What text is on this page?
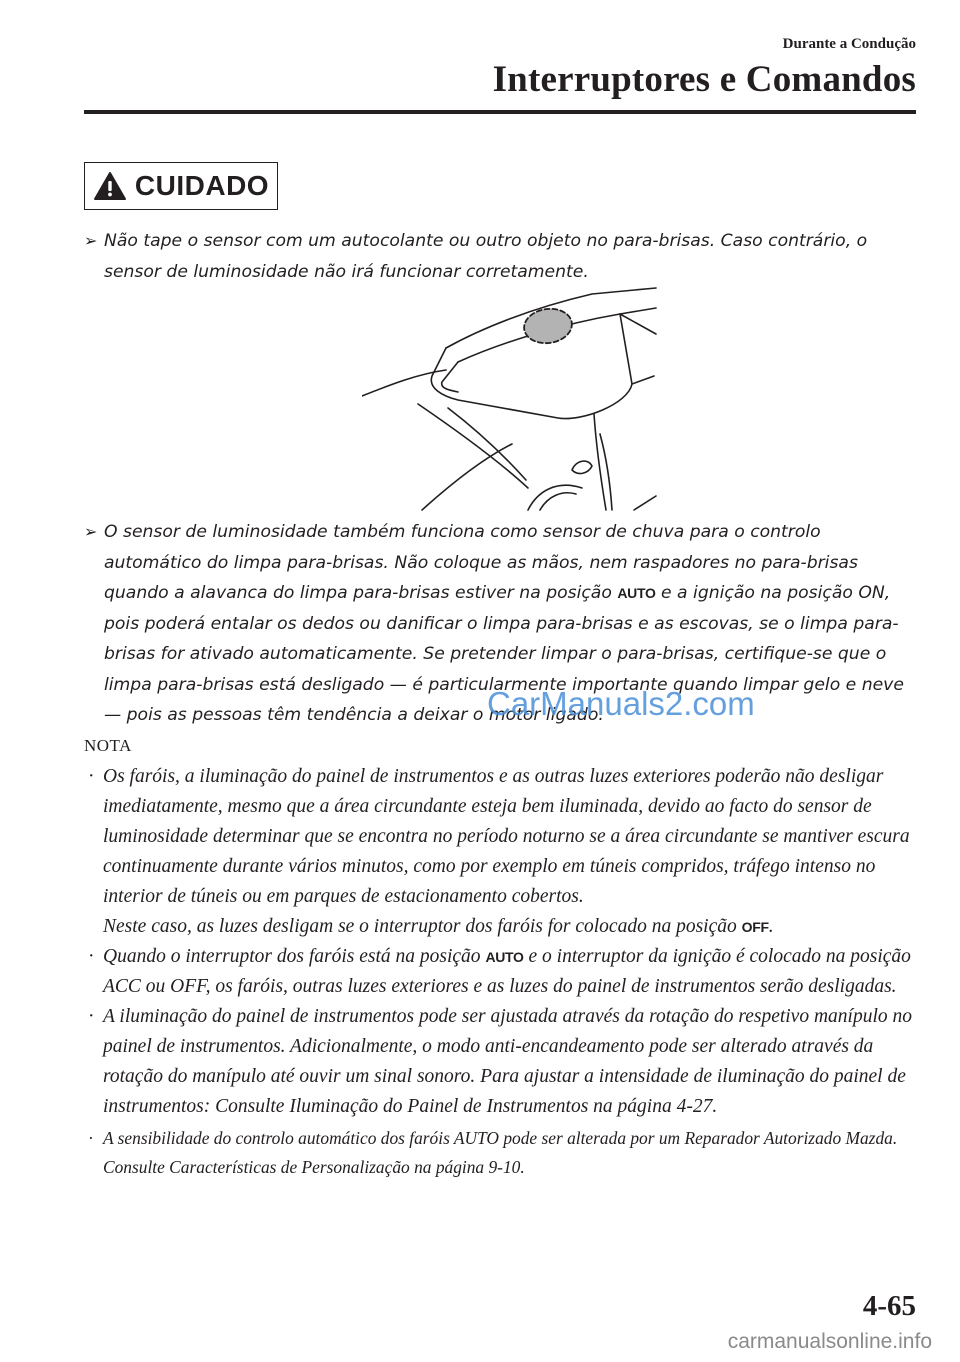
Durante a Condução
Interruptores e Comandos
CUIDADO
➢ Não tape o sensor com um autocolante ou outro objeto no para-brisas. Caso contrário, o sensor de luminosidade não irá funcionar corretamente.
➢ O sensor de luminosidade também funciona como sensor de chuva para o controlo automático do limpa para-brisas. Não coloque as mãos, nem raspadores no para-brisas quando a alavanca do limpa para-brisas estiver na posição AUTO e a ignição na posição ON, pois poderá entalar os dedos ou danificar o limpa para-brisas e as escovas, se o limpa para-brisas for ativado automaticamente. Se pretender limpar o para-brisas, certifique-se que o limpa para-brisas está desligado — é particularmente importante quando limpar gelo e neve — pois as pessoas têm tendência a deixar o motor ligado.
NOTA
· Os faróis, a iluminação do painel de instrumentos e as outras luzes exteriores poderão não desligar imediatamente, mesmo que a área circundante esteja bem iluminada, devido ao facto do sensor de luminosidade determinar que se encontra no período noturno se a área circundante se mantiver escura continuamente durante vários minutos, como por exemplo em túneis compridos, tráfego intenso no interior de túneis ou em parques de estacionamento cobertos.
Neste caso, as luzes desligam se o interruptor dos faróis for colocado na posição OFF.
· Quando o interruptor dos faróis está na posição AUTO e o interruptor da ignição é colocado na posição ACC ou OFF, os faróis, outras luzes exteriores e as luzes do painel de instrumentos serão desligadas.
· A iluminação do painel de instrumentos pode ser ajustada através da rotação do respetivo manípulo no painel de instrumentos. Adicionalmente, o modo anti-encandeamento pode ser alterado através da rotação do manípulo até ouvir um sinal sonoro. Para ajustar a intensidade de iluminação do painel de instrumentos: Consulte Iluminação do Painel de Instrumentos na página 4-27.
· A sensibilidade do controlo automático dos faróis AUTO pode ser alterada por um Reparador Autorizado Mazda. Consulte Características de Personalização na página 9-10.
CarManuals2.com
4-65
carmanualsonline.info
